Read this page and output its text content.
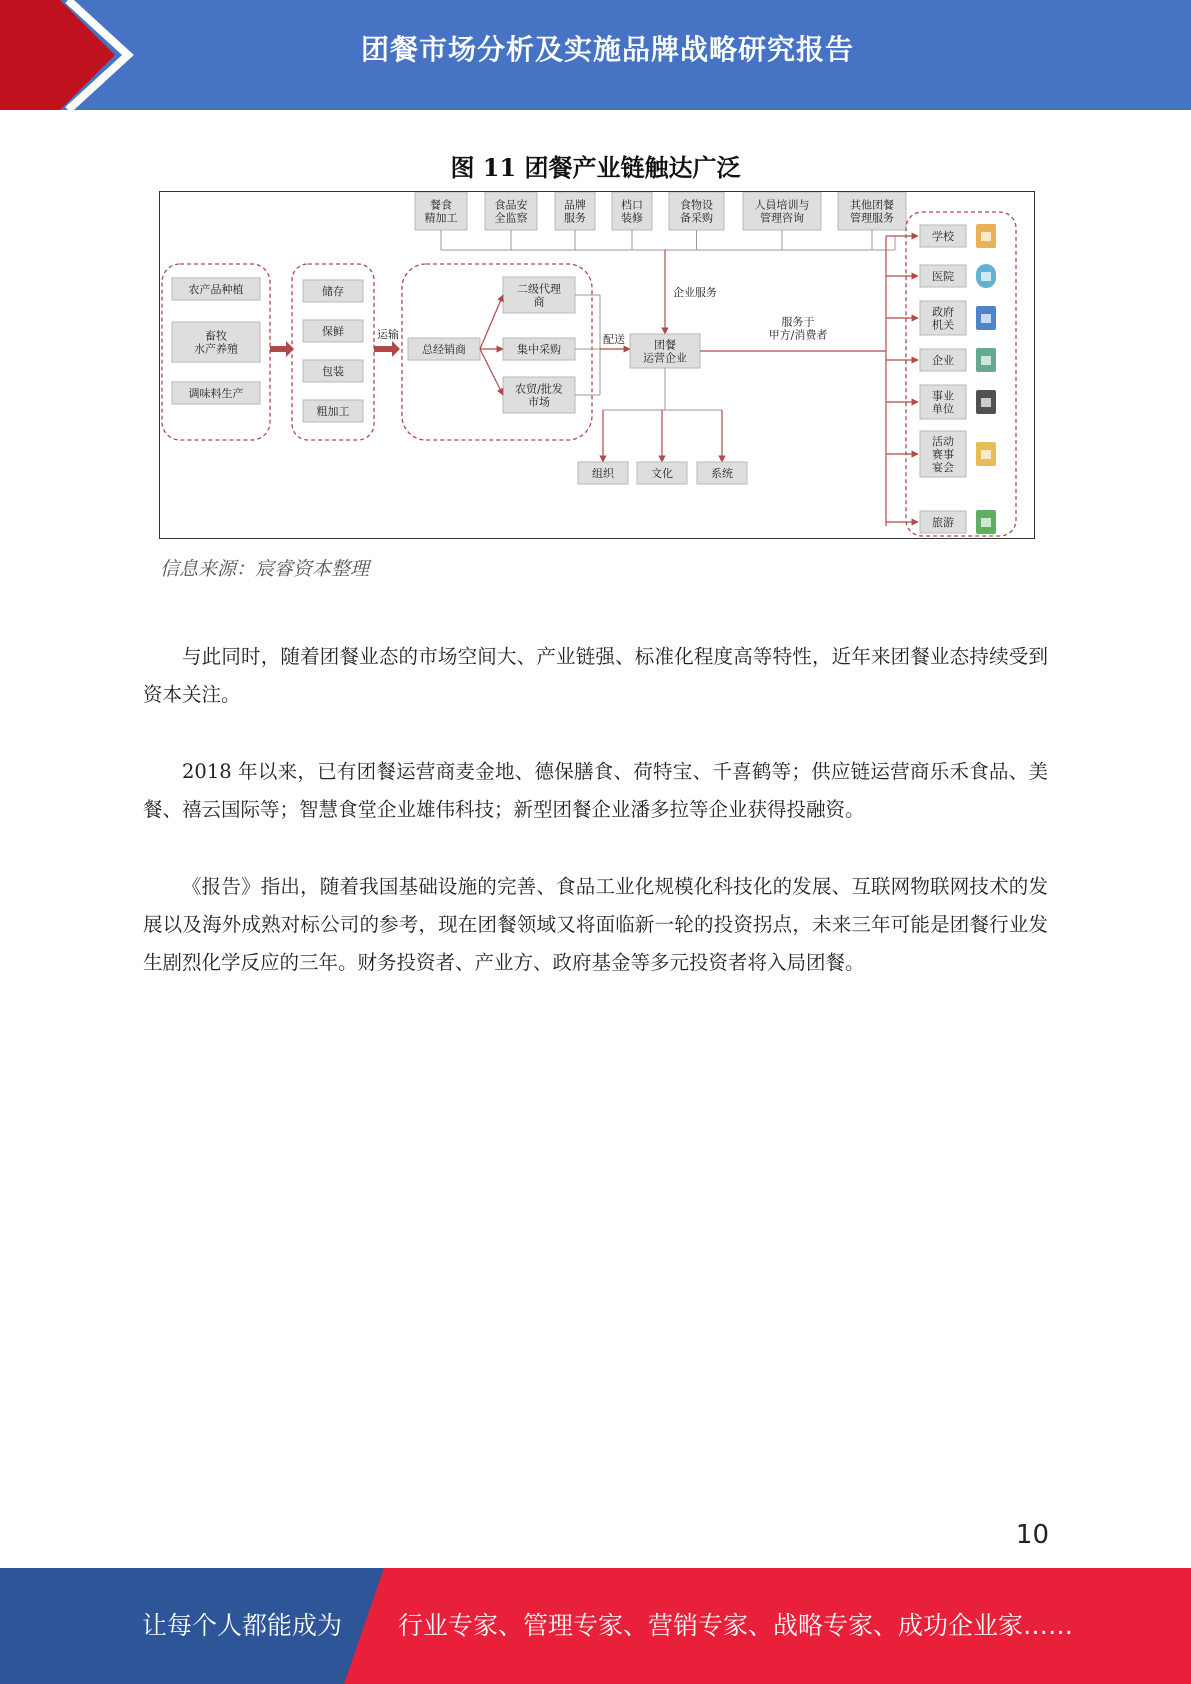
团餐市场分析及实施品牌战略研究报告
图 11 团餐产业链触达广泛
餐食精加工
食品安全监察
品牌服务
档口装修
食物设备采购
人員培训与管理咨询
其他团餐管理服务
企业服务
农产品种植
畜牧水产养殖
调味料生产
储存
保鲜
包装
粗加工
运输
总经销商
二级代理商
集中采购
农贸/批发市场
配送	团餐运营企业
组织	文化	系统
服务于甲方/消费者
学校
医院
政府机关
企业
事业单位
活动赛事宴会
旅游
信息来源：宸睿资本整理
与此同时，随着团餐业态的市场空间大、产业链强、标准化程度高等特性，近年来团餐业态持续受到资本关注。
2018 年以来，已有团餐运营商麦金地、德保膳食、荷特宝、千喜鹤等；供应链运营商乐禾食品、美餐、禧云国际等；智慧食堂企业雄伟科技；新型团餐企业潘多拉等企业获得投融资。
《报告》指出，随着我国基础设施的完善、食品工业化规模化科技化的发展、互联网物联网技术的发展以及海外成熟对标公司的参考，现在团餐领域又将面临新一轮的投资拐点，未来三年可能是团餐行业发生剧烈化学反应的三年。财务投资者、产业方、政府基金等多元投资者将入局团餐。
10
让每个人都能成为 行业专家、管理专家、营销专家、战略专家、成功企业家……
